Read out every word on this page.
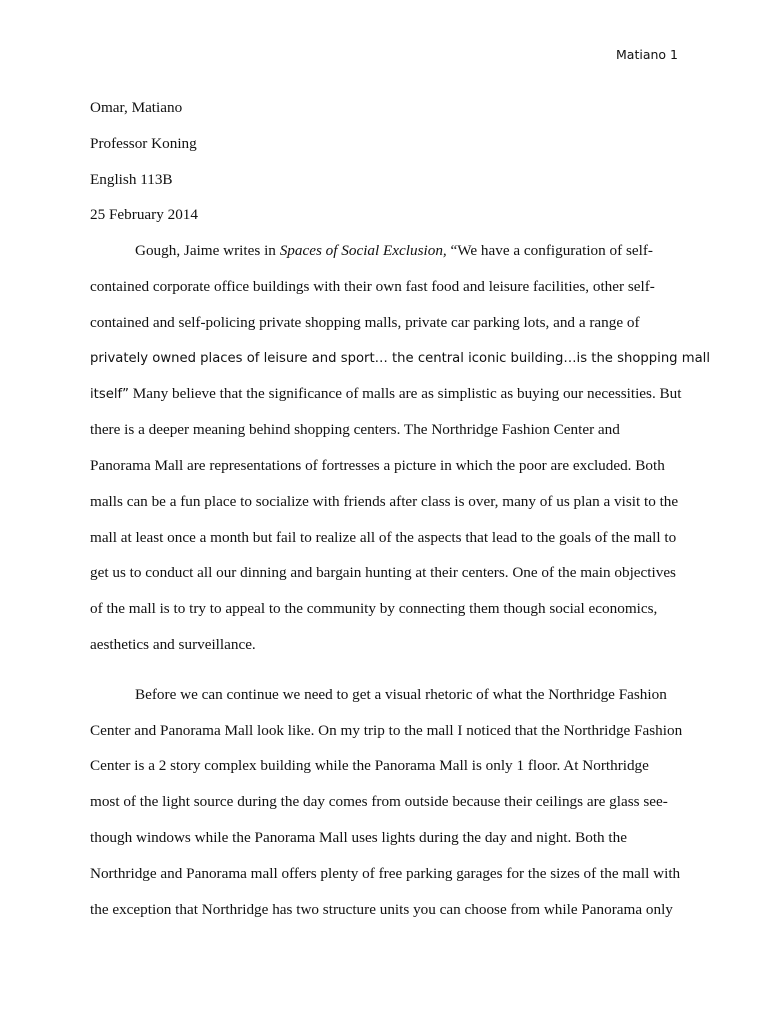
Matiano 1
Omar, Matiano
Professor Koning
English 113B
25 February 2014
Gough, Jaime writes in Spaces of Social Exclusion, “We have a configuration of self-
contained corporate office buildings with their own fast food and leisure facilities, other self-
contained and self-policing private shopping malls, private car parking lots, and a range of
privately owned places of leisure and sport… the central iconic building…is the shopping mall
itself” Many believe that the significance of malls are as simplistic as buying our necessities. But
there is a deeper meaning behind shopping centers. The Northridge Fashion Center and
Panorama Mall are representations of fortresses a picture in which the poor are excluded. Both
malls can be a fun place to socialize with friends after class is over, many of us plan a visit to the
mall at least once a month but fail to realize all of the aspects that lead to the goals of the mall to
get us to conduct all our dinning and bargain hunting at their centers. One of the main objectives
of the mall is to try to appeal to the community by connecting them though social economics,
aesthetics and surveillance.
Before we can continue we need to get a visual rhetoric of what the Northridge Fashion
Center and Panorama Mall look like. On my trip to the mall I noticed that the Northridge Fashion
Center is a 2 story complex building while the Panorama Mall is only 1 floor. At Northridge
most of the light source during the day comes from outside because their ceilings are glass see-
though windows while the Panorama Mall uses lights during the day and night. Both the
Northridge and Panorama mall offers plenty of free parking garages for the sizes of the mall with
the exception that Northridge has two structure units you can choose from while Panorama only
